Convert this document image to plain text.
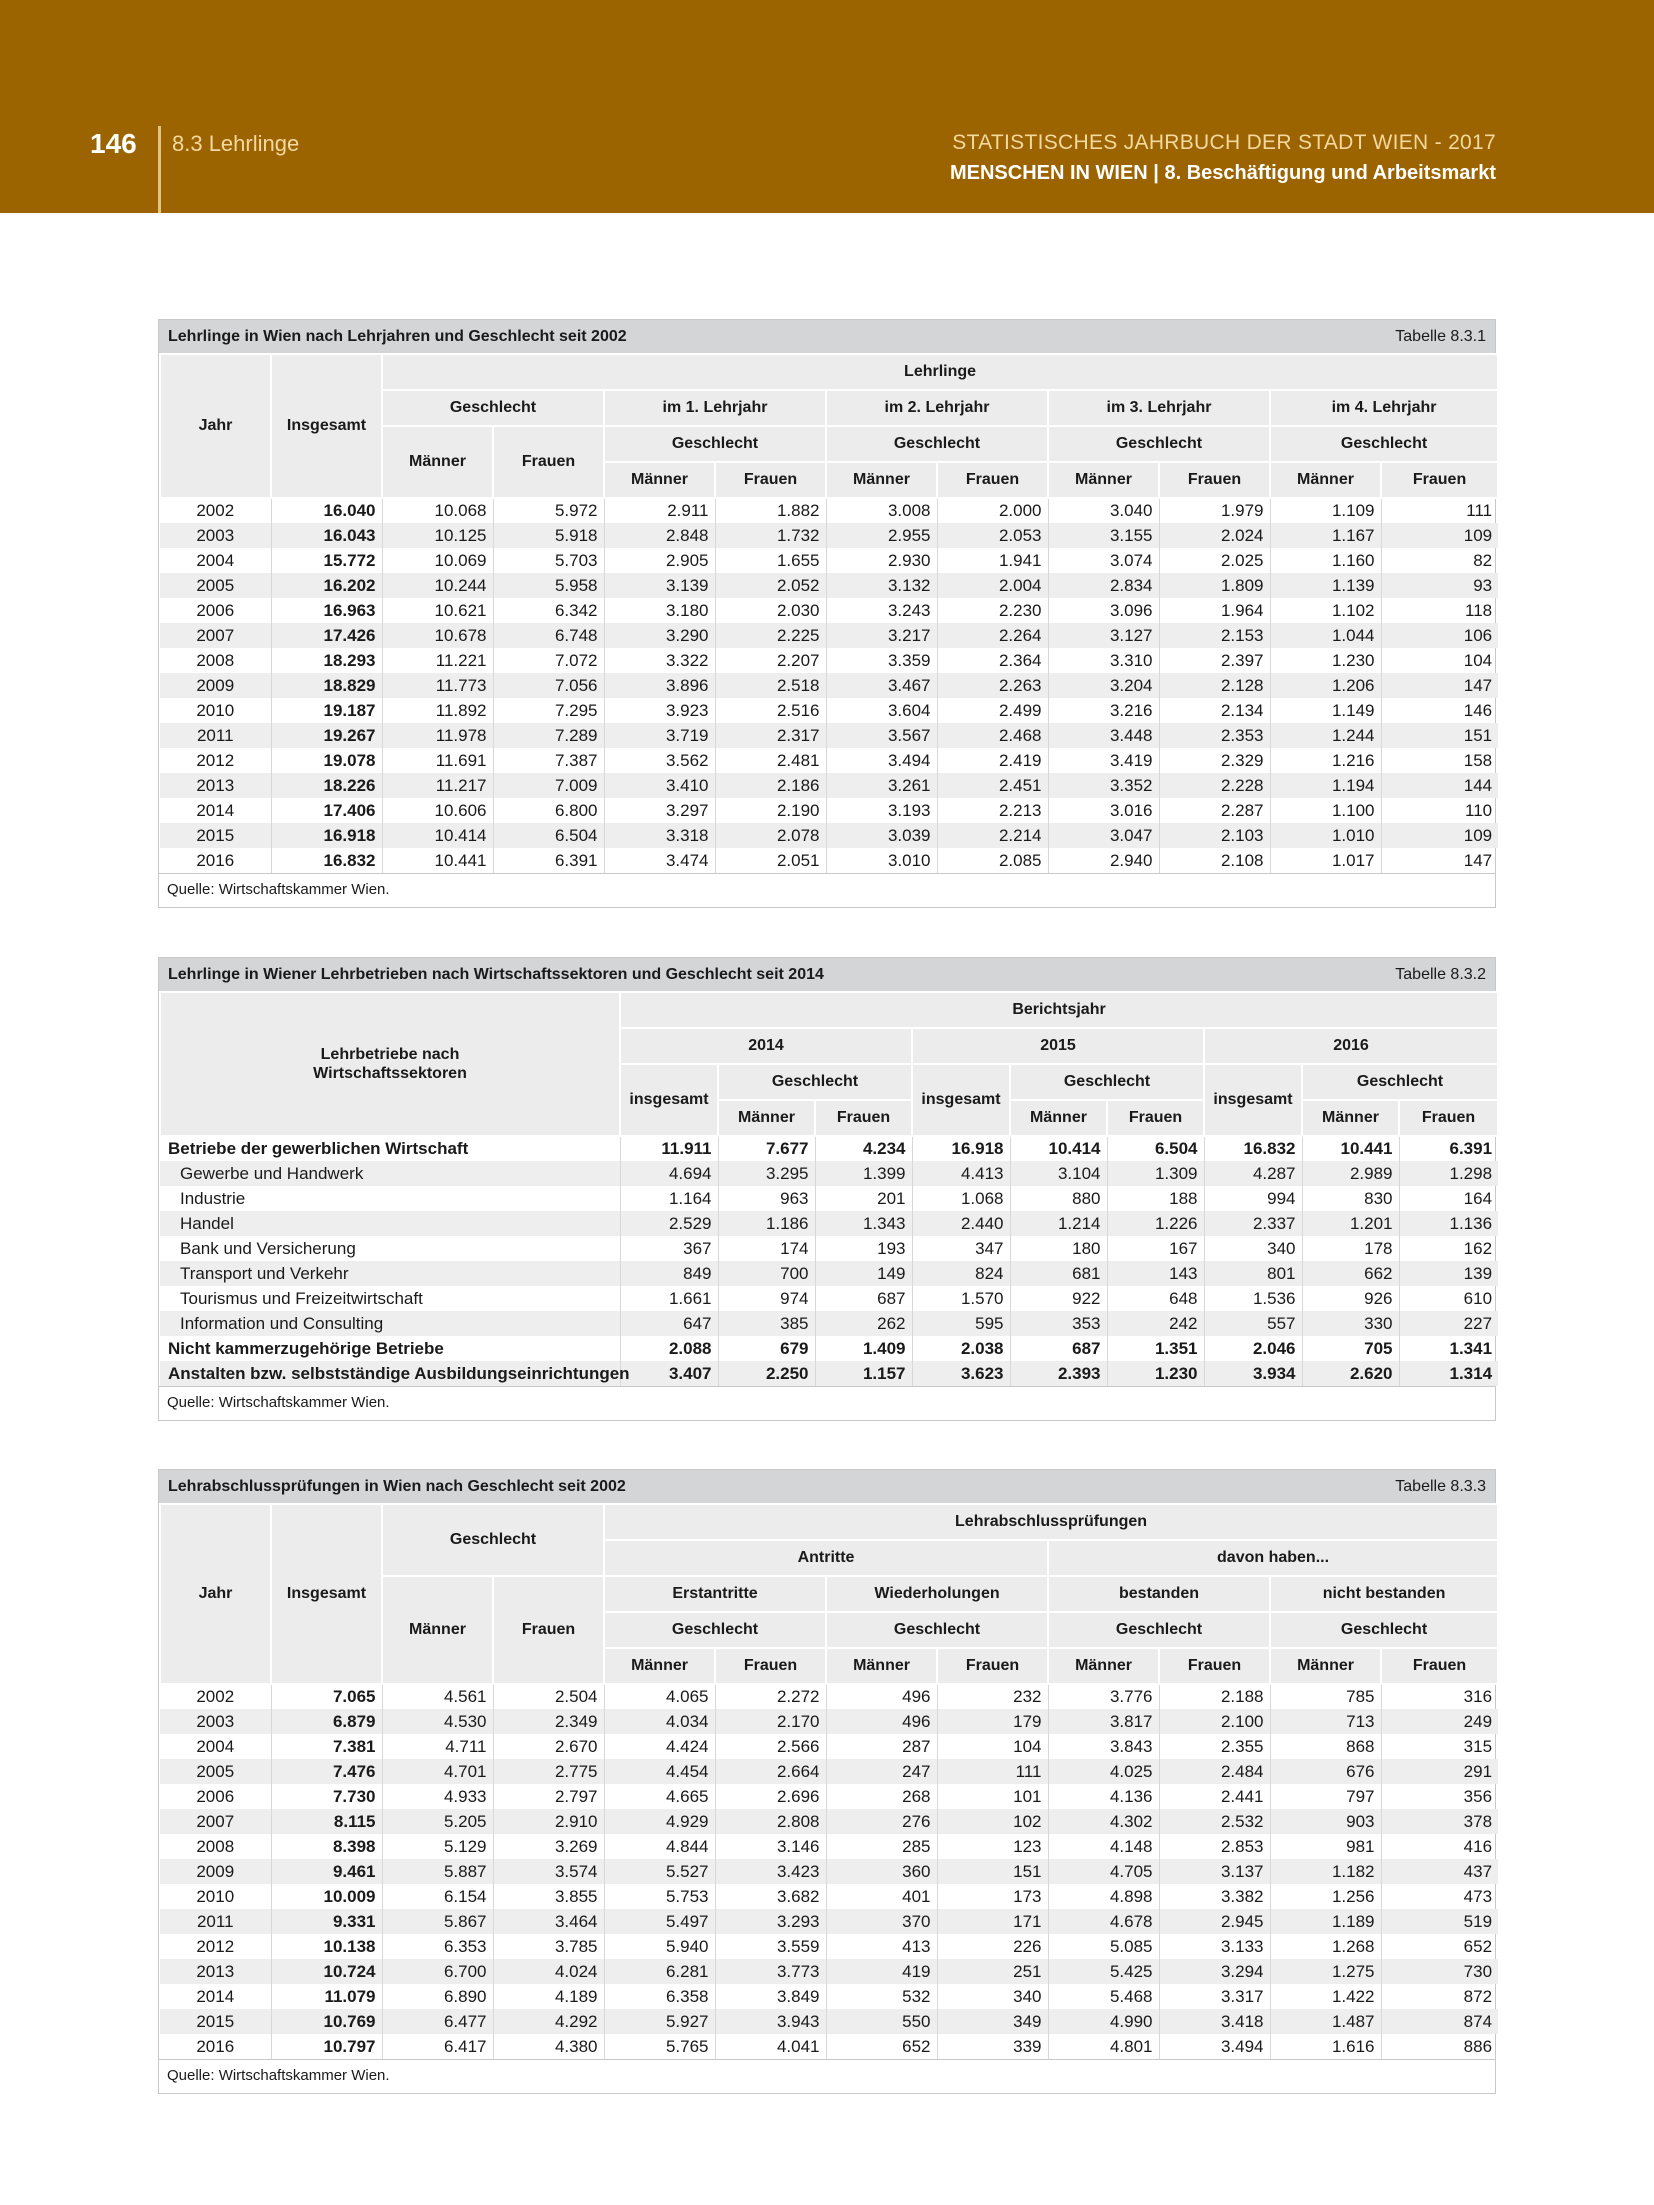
146 8.3 Lehrlinge	STATISTISCHES JAHRBUCH DER STADT WIEN - 2017
MENSCHEN IN WIEN | 8. Beschäftigung und Arbeitsmarkt
Lehrlinge in Wien nach Lehrjahren und Geschlecht seit 2002	Tabelle 8.3.1
Jahr	Insgesamt	Lehrlinge									
		Geschlecht		im 1. Lehrjahr		im 2. Lehrjahr		im 3. Lehrjahr		im 4. Lehrjahr	
		Männer	Frauen	Geschlecht		Geschlecht		Geschlecht		Geschlecht	
				Männer	Frauen	Männer	Frauen	Männer	Frauen	Männer	Frauen
2002	16.040	10.068	5.972	2.911	1.882	3.008	2.000	3.040	1.979	1.109	111
2003	16.043	10.125	5.918	2.848	1.732	2.955	2.053	3.155	2.024	1.167	109
2004	15.772	10.069	5.703	2.905	1.655	2.930	1.941	3.074	2.025	1.160	82
2005	16.202	10.244	5.958	3.139	2.052	3.132	2.004	2.834	1.809	1.139	93
2006	16.963	10.621	6.342	3.180	2.030	3.243	2.230	3.096	1.964	1.102	118
2007	17.426	10.678	6.748	3.290	2.225	3.217	2.264	3.127	2.153	1.044	106
2008	18.293	11.221	7.072	3.322	2.207	3.359	2.364	3.310	2.397	1.230	104
2009	18.829	11.773	7.056	3.896	2.518	3.467	2.263	3.204	2.128	1.206	147
2010	19.187	11.892	7.295	3.923	2.516	3.604	2.499	3.216	2.134	1.149	146
2011	19.267	11.978	7.289	3.719	2.317	3.567	2.468	3.448	2.353	1.244	151
2012	19.078	11.691	7.387	3.562	2.481	3.494	2.419	3.419	2.329	1.216	158
2013	18.226	11.217	7.009	3.410	2.186	3.261	2.451	3.352	2.228	1.194	144
2014	17.406	10.606	6.800	3.297	2.190	3.193	2.213	3.016	2.287	1.100	110
2015	16.918	10.414	6.504	3.318	2.078	3.039	2.214	3.047	2.103	1.010	109
2016	16.832	10.441	6.391	3.474	2.051	3.010	2.085	2.940	2.108	1.017	147
Quelle: Wirtschaftskammer Wien.
Lehrlinge in Wiener Lehrbetrieben nach Wirtschaftssektoren und Geschlecht seit 2014	Tabelle 8.3.2
Lehrbetriebe nach
Wirtschaftssektoren	Berichtsjahr								
	2014			2015			2016		
	insgesamt	Geschlecht		insgesamt	Geschlecht		insgesamt	Geschlecht	
		Männer	Frauen		Männer	Frauen		Männer	Frauen
Betriebe der gewerblichen Wirtschaft	11.911	7.677	4.234	16.918	10.414	6.504	16.832	10.441	6.391
Gewerbe und Handwerk	4.694	3.295	1.399	4.413	3.104	1.309	4.287	2.989	1.298
Industrie	1.164	963	201	1.068	880	188	994	830	164
Handel	2.529	1.186	1.343	2.440	1.214	1.226	2.337	1.201	1.136
Bank und Versicherung	367	174	193	347	180	167	340	178	162
Transport und Verkehr	849	700	149	824	681	143	801	662	139
Tourismus und Freizeitwirtschaft	1.661	974	687	1.570	922	648	1.536	926	610
Information und Consulting	647	385	262	595	353	242	557	330	227
Nicht kammerzugehörige Betriebe	2.088	679	1.409	2.038	687	1.351	2.046	705	1.341
Anstalten bzw. selbstständige Ausbildungseinrichtungen	3.407	2.250	1.157	3.623	2.393	1.230	3.934	2.620	1.314
Quelle: Wirtschaftskammer Wien.
Lehrabschlussprüfungen in Wien nach Geschlecht seit 2002	Tabelle 8.3.3
Jahr	Insgesamt	Geschlecht		Lehrabschlussprüfungen							
				Antritte				davon haben...			
		Männer	Frauen	Erstantritte		Wiederholungen		bestanden		nicht bestanden	
				Geschlecht		Geschlecht		Geschlecht		Geschlecht	
				Männer	Frauen	Männer	Frauen	Männer	Frauen	Männer	Frauen
2002	7.065	4.561	2.504	4.065	2.272	496	232	3.776	2.188	785	316
2003	6.879	4.530	2.349	4.034	2.170	496	179	3.817	2.100	713	249
2004	7.381	4.711	2.670	4.424	2.566	287	104	3.843	2.355	868	315
2005	7.476	4.701	2.775	4.454	2.664	247	111	4.025	2.484	676	291
2006	7.730	4.933	2.797	4.665	2.696	268	101	4.136	2.441	797	356
2007	8.115	5.205	2.910	4.929	2.808	276	102	4.302	2.532	903	378
2008	8.398	5.129	3.269	4.844	3.146	285	123	4.148	2.853	981	416
2009	9.461	5.887	3.574	5.527	3.423	360	151	4.705	3.137	1.182	437
2010	10.009	6.154	3.855	5.753	3.682	401	173	4.898	3.382	1.256	473
2011	9.331	5.867	3.464	5.497	3.293	370	171	4.678	2.945	1.189	519
2012	10.138	6.353	3.785	5.940	3.559	413	226	5.085	3.133	1.268	652
2013	10.724	6.700	4.024	6.281	3.773	419	251	5.425	3.294	1.275	730
2014	11.079	6.890	4.189	6.358	3.849	532	340	5.468	3.317	1.422	872
2015	10.769	6.477	4.292	5.927	3.943	550	349	4.990	3.418	1.487	874
2016	10.797	6.417	4.380	5.765	4.041	652	339	4.801	3.494	1.616	886
Quelle: Wirtschaftskammer Wien.
